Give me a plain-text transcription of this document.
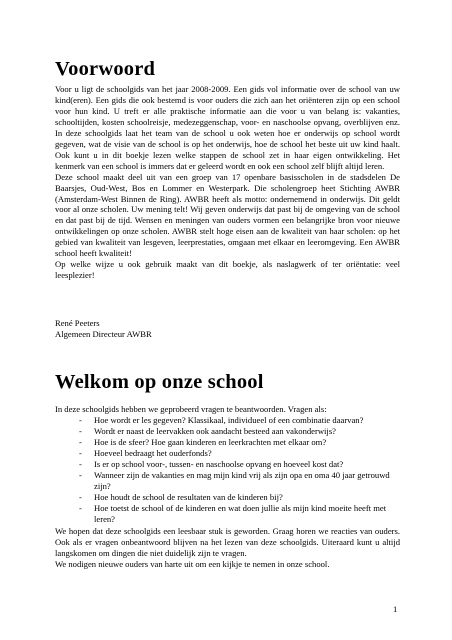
Voorwoord

Voor u ligt de schoolgids van het jaar 2008-2009. Een gids vol informatie over de school van uw kind(eren). Een gids die ook bestemd is voor ouders die zich aan het oriënteren zijn op een school voor hun kind. U treft er alle praktische informatie aan die voor u van belang is: vakanties, schooltijden, kosten schoolreisje, medezeggenschap, voor- en naschoolse opvang, overblijven enz. In deze schoolgids laat het team van de school u ook weten hoe er onderwijs op school wordt gegeven, wat de visie van de school is op het onderwijs, hoe de school het beste uit uw kind haalt. Ook kunt u in dit boekje lezen welke stappen de school zet in haar eigen ontwikkeling. Het kenmerk van een school is immers dat er geleerd wordt en ook een school zelf blijft altijd leren.
Deze school maakt deel uit van een groep van 17 openbare basisscholen in de stadsdelen De Baarsjes, Oud-West, Bos en Lommer en Westerpark. Die scholengroep heet Stichting AWBR (Amsterdam-West Binnen de Ring). AWBR heeft als motto: ondernemend in onderwijs. Dit geldt voor al onze scholen. Uw mening telt! Wij geven onderwijs dat past bij de omgeving van de school en dat past bij de tijd. Wensen en meningen van ouders vormen een belangrijke bron voor nieuwe ontwikkelingen op onze scholen. AWBR stelt hoge eisen aan de kwaliteit van haar scholen: op het gebied van kwaliteit van lesgeven, leerprestaties, omgaan met elkaar en leeromgeving. Een AWBR school heeft kwaliteit!
Op welke wijze u ook gebruik maakt van dit boekje, als naslagwerk of ter oriëntatie: veel leesplezier!

René Peeters
Algemeen Directeur AWBR

Welkom op onze school

In deze schoolgids hebben we geprobeerd vragen te beantwoorden. Vragen als:

- Hoe wordt er les gegeven? Klassikaal, individueel of een combinatie daarvan?
- Wordt er naast de leervakken ook aandacht besteed aan vakonderwijs?
- Hoe is de sfeer? Hoe gaan kinderen en leerkrachten met elkaar om?
- Hoeveel bedraagt het ouderfonds?
- Is er op school voor-, tussen- en naschoolse opvang en hoeveel kost dat?
- Wanneer zijn de vakanties en mag mijn kind vrij als zijn opa en oma 40 jaar getrouwd zijn?
- Hoe houdt de school de resultaten van de kinderen bij?
- Hoe toetst de school of de kinderen en wat doen jullie als mijn kind moeite heeft met leren?

We hopen dat deze schoolgids een leesbaar stuk is geworden. Graag horen we reacties van ouders. Ook als er vragen onbeantwoord blijven na het lezen van deze schoolgids. Uiteraard kunt u altijd langskomen om dingen die niet duidelijk zijn te vragen.
We nodigen nieuwe ouders van harte uit om een kijkje te nemen in onze school.

1
